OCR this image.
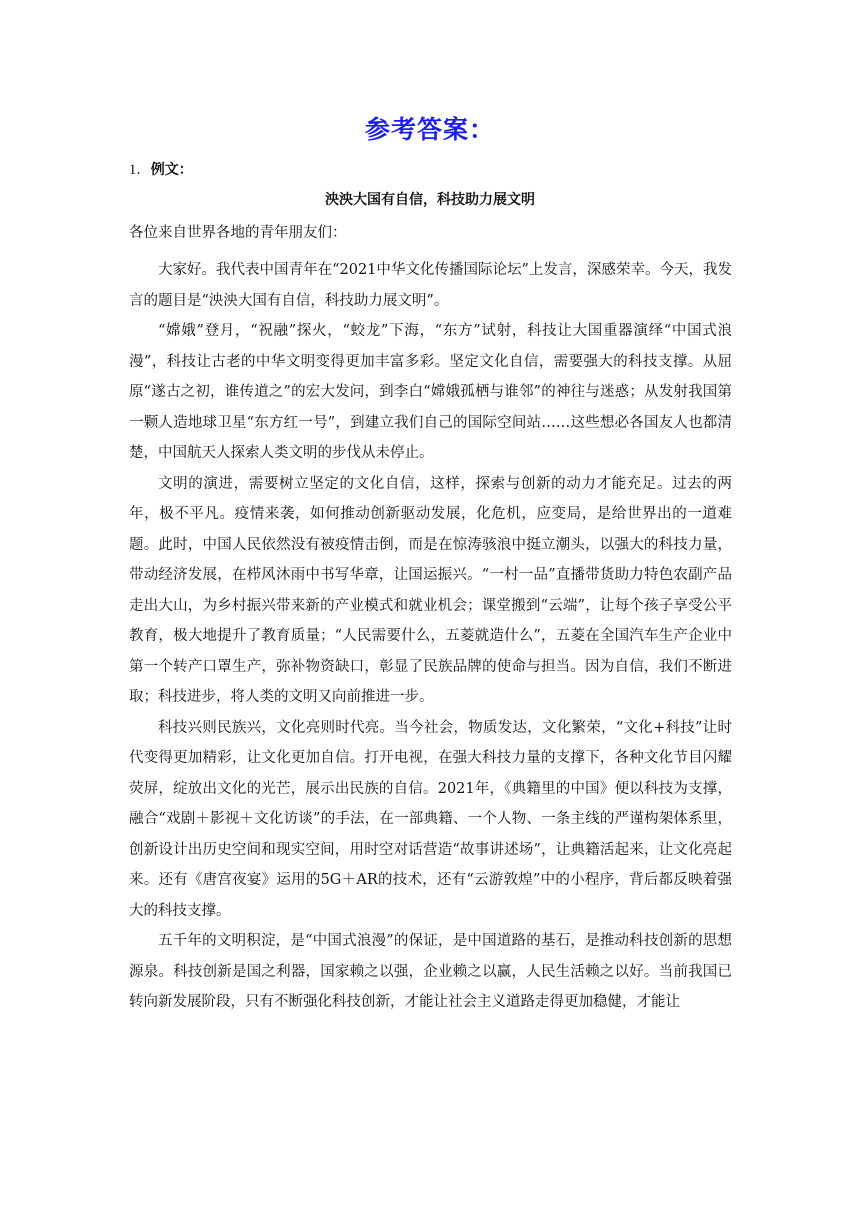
参考答案：
1．例文：
泱泱大国有自信，科技助力展文明
各位来自世界各地的青年朋友们：

大家好。我代表中国青年在“2021中华文化传播国际论坛”上发言，深感荣幸。今天，我发言的题目是“泱泱大国有自信，科技助力展文明”。

“嫦娥”登月，“祝融”探火，“蛟龙”下海，“东方”试射，科技让大国重器演绎“中国式浪漫”，科技让古老的中华文明变得更加丰富多彩。坚定文化自信，需要强大的科技支撑。从屈原“遂古之初，谁传道之”的宏大发问，到李白“嫦娥孤栖与谁邻”的神往与迷惑；从发射我国第一颗人造地球卫星“东方红一号”，到建立我们自己的国际空间站……这些想必各国友人也都清楚，中国航天人探索人类文明的步伐从未停止。

文明的演进，需要树立坚定的文化自信，这样，探索与创新的动力才能充足。过去的两年，极不平凡。疫情来袭，如何推动创新驱动发展，化危机，应变局，是给世界出的一道难题。此时，中国人民依然没有被疫情击倒，而是在惊涛骇浪中挺立潮头，以强大的科技力量，带动经济发展，在栉风沐雨中书写华章，让国运振兴。“一村一品”直播带货助力特色农副产品走出大山，为乡村振兴带来新的产业模式和就业机会；课堂搬到“云端”，让每个孩子享受公平教育，极大地提升了教育质量；“人民需要什么，五菱就造什么”，五菱在全国汽车生产企业中第一个转产口罩生产，弥补物资缺口，彰显了民族品牌的使命与担当。因为自信，我们不断进取；科技进步，将人类的文明又向前推进一步。

科技兴则民族兴，文化亮则时代亮。当今社会，物质发达，文化繁荣，“文化+科技”让时代变得更加精彩，让文化更加自信。打开电视，在强大科技力量的支撑下，各种文化节目闪耀荧屏，绽放出文化的光芒，展示出民族的自信。2021年，《典籍里的中国》便以科技为支撑，融合“戏剧＋影视＋文化访谈”的手法，在一部典籍、一个人物、一条主线的严谨构架体系里，创新设计出历史空间和现实空间，用时空对话营造“故事讲述场”，让典籍活起来，让文化亮起来。还有《唐宫夜宴》运用的5G＋AR的技术，还有“云游敦煌”中的小程序，背后都反映着强大的科技支撑。

五千年的文明积淀，是“中国式浪漫”的保证，是中国道路的基石，是推动科技创新的思想源泉。科技创新是国之利器，国家赖之以强，企业赖之以赢，人民生活赖之以好。当前我国已转向新发展阶段，只有不断强化科技创新，才能让社会主义道路走得更加稳健，才能让
